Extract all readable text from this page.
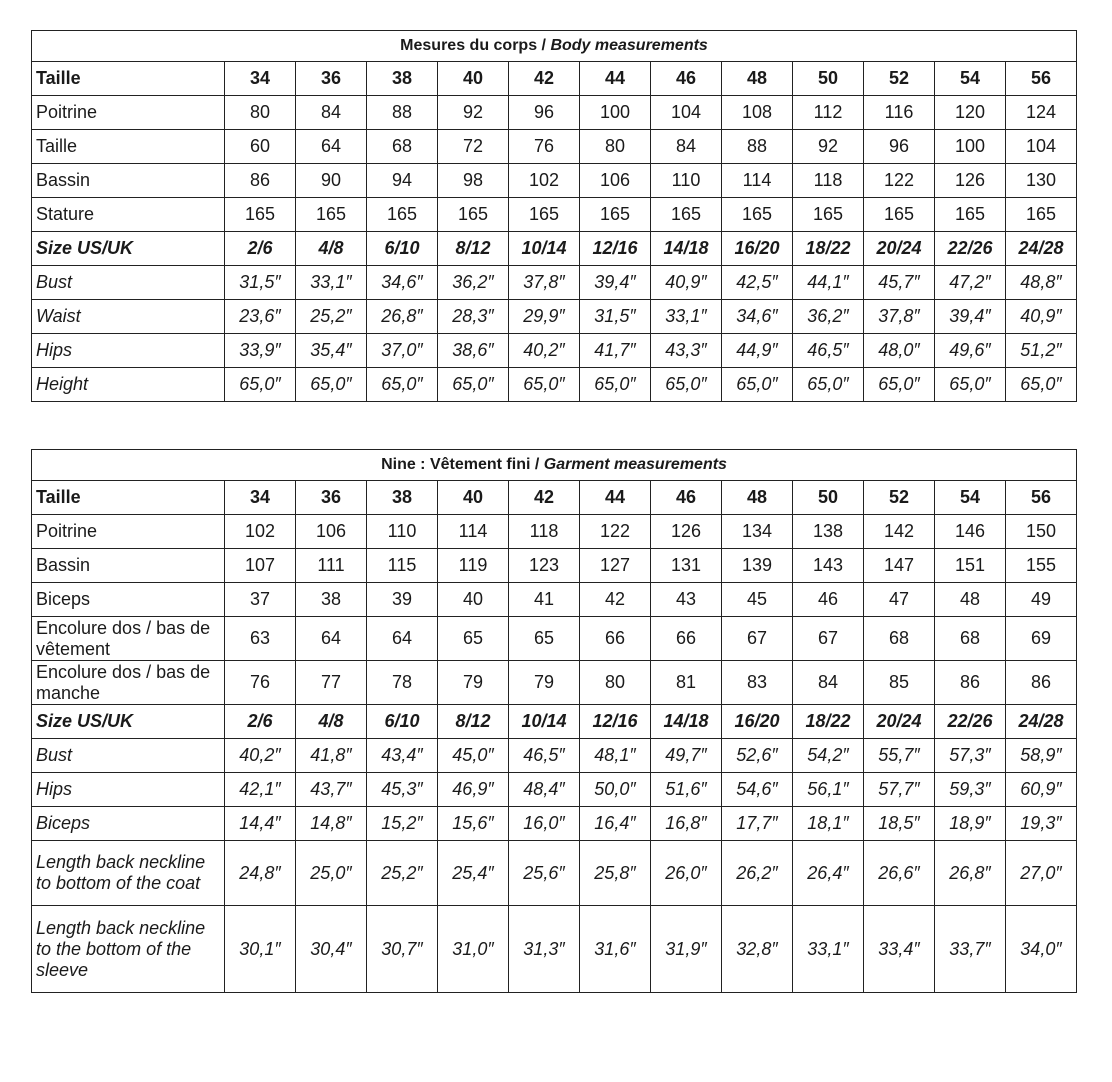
Mesures du corps / Body measurements												
Taille	34	36	38	40	42	44	46	48	50	52	54	56
Poitrine	80	84	88	92	96	100	104	108	112	116	120	124
Taille	60	64	68	72	76	80	84	88	92	96	100	104
Bassin	86	90	94	98	102	106	110	114	118	122	126	130
Stature	165	165	165	165	165	165	165	165	165	165	165	165
Size US/UK	2/6	4/8	6/10	8/12	10/14	12/16	14/18	16/20	18/22	20/24	22/26	24/28
Bust	31,5″	33,1″	34,6″	36,2″	37,8″	39,4″	40,9″	42,5″	44,1″	45,7″	47,2″	48,8″
Waist	23,6″	25,2″	26,8″	28,3″	29,9″	31,5″	33,1″	34,6″	36,2″	37,8″	39,4″	40,9″
Hips	33,9″	35,4″	37,0″	38,6″	40,2″	41,7″	43,3″	44,9″	46,5″	48,0″	49,6″	51,2″
Height	65,0″	65,0″	65,0″	65,0″	65,0″	65,0″	65,0″	65,0″	65,0″	65,0″	65,0″	65,0″
Nine : Vêtement fini / Garment measurements												
Taille	34	36	38	40	42	44	46	48	50	52	54	56
Poitrine	102	106	110	114	118	122	126	134	138	142	146	150
Bassin	107	111	115	119	123	127	131	139	143	147	151	155
Biceps	37	38	39	40	41	42	43	45	46	47	48	49
Encolure dos / bas de vêtement	63	64	64	65	65	66	66	67	67	68	68	69
Encolure dos / bas de manche	76	77	78	79	79	80	81	83	84	85	86	86
Size US/UK	2/6	4/8	6/10	8/12	10/14	12/16	14/18	16/20	18/22	20/24	22/26	24/28
Bust	40,2″	41,8″	43,4″	45,0″	46,5″	48,1″	49,7″	52,6″	54,2″	55,7″	57,3″	58,9″
Hips	42,1″	43,7″	45,3″	46,9″	48,4″	50,0″	51,6″	54,6″	56,1″	57,7″	59,3″	60,9″
Biceps	14,4″	14,8″	15,2″	15,6″	16,0″	16,4″	16,8″	17,7″	18,1″	18,5″	18,9″	19,3″
Length back neckline to bottom of the coat	24,8″	25,0″	25,2″	25,4″	25,6″	25,8″	26,0″	26,2″	26,4″	26,6″	26,8″	27,0″
Length back neckline to the bottom of the sleeve	30,1″	30,4″	30,7″	31,0″	31,3″	31,6″	31,9″	32,8″	33,1″	33,4″	33,7″	34,0″
